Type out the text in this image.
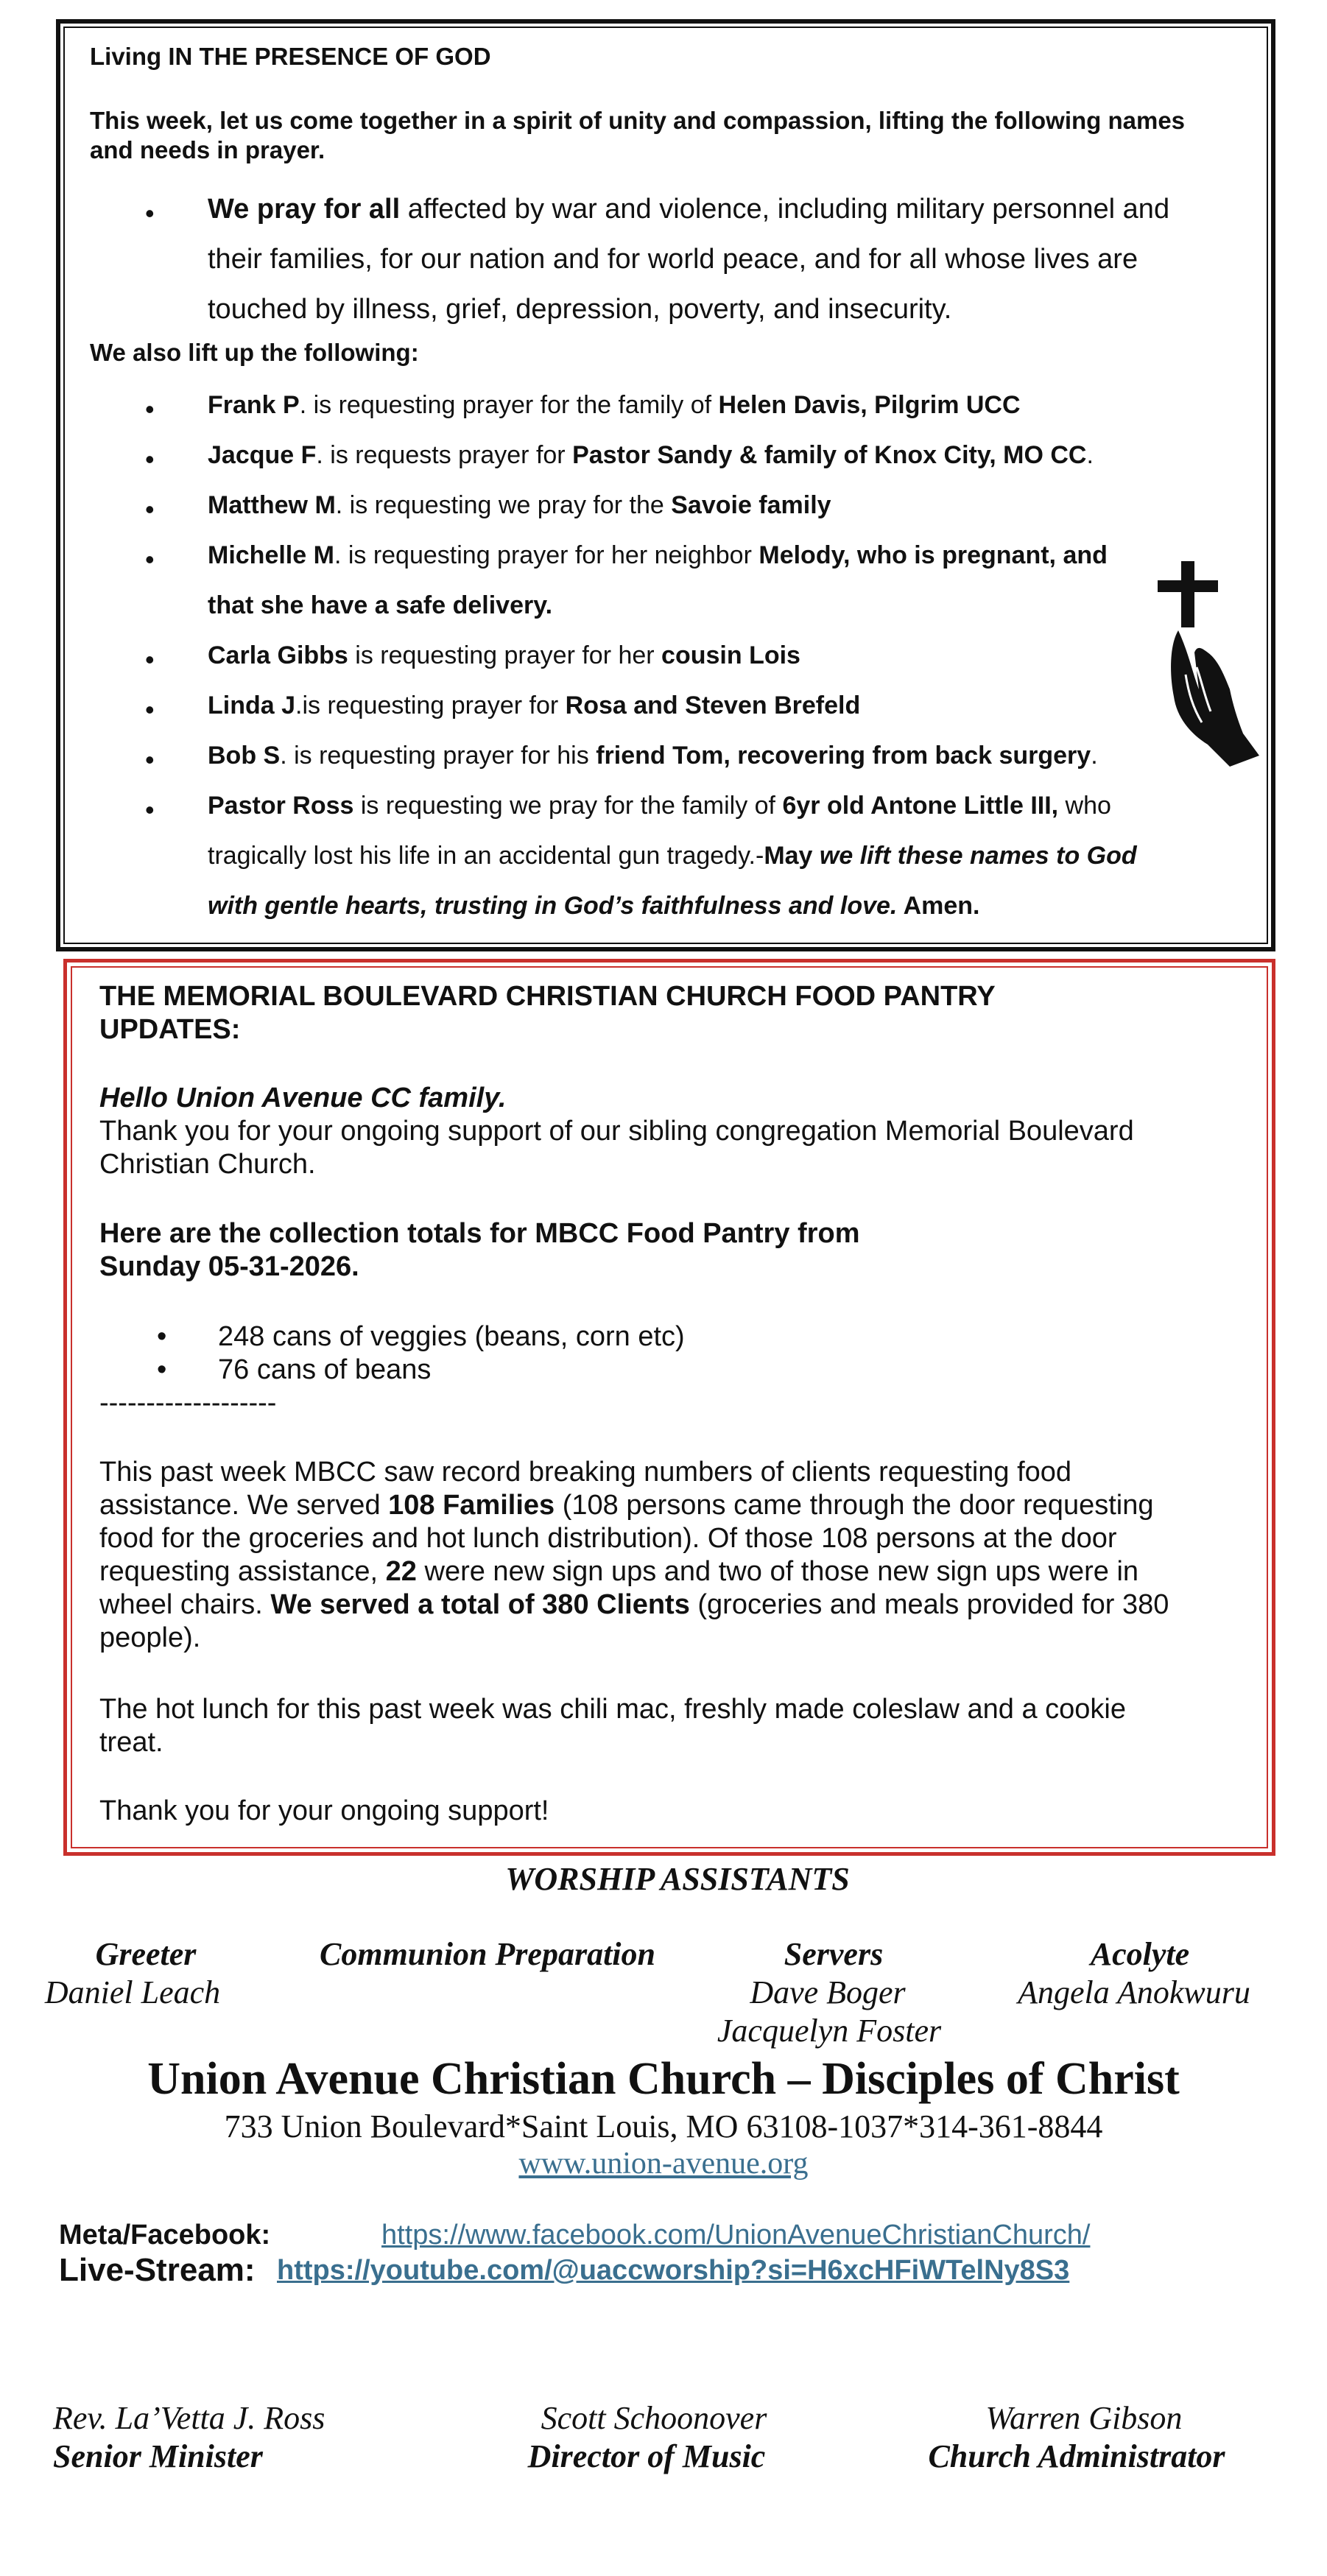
Living IN THE PRESENCE OF GOD
This week, let us come together in a spirit of unity and compassion, lifting the following names and needs in prayer.
• We pray for all affected by war and violence, including military personnel and
their families, for our nation and for world peace, and for all whose lives are
touched by illness, grief, depression, poverty, and insecurity.
We also lift up the following:
• Frank P. is requesting prayer for the family of Helen Davis, Pilgrim UCC
• Jacque F. is requests prayer for Pastor Sandy & family of Knox City, MO CC.
• Matthew M. is requesting we pray for the Savoie family
• Michelle M. is requesting prayer for her neighbor Melody, who is pregnant, and
that she have a safe delivery.
• Carla Gibbs is requesting prayer for her cousin Lois
• Linda J.is requesting prayer for Rosa and Steven Brefeld
• Bob S. is requesting prayer for his friend Tom, recovering from back surgery.
• Pastor Ross is requesting we pray for the family of 6yr old Antone Little III, who
tragically lost his life in an accidental gun tragedy.-May we lift these names to God
with gentle hearts, trusting in God’s faithfulness and love. Amen.
THE MEMORIAL BOULEVARD CHRISTIAN CHURCH FOOD PANTRY
UPDATES:
Hello Union Avenue CC family.
Thank you for your ongoing support of our sibling congregation Memorial Boulevard
Christian Church.
Here are the collection totals for MBCC Food Pantry from
Sunday 05-31-2026.
• 248 cans of veggies (beans, corn etc)
• 76 cans of beans
-------------------
This past week MBCC saw record breaking numbers of clients requesting food
assistance. We served 108 Families (108 persons came through the door requesting
food for the groceries and hot lunch distribution). Of those 108 persons at the door
requesting assistance, 22 were new sign ups and two of those new sign ups were in
wheel chairs. We served a total of 380 Clients (groceries and meals provided for 380
people).
The hot lunch for this past week was chili mac, freshly made coleslaw and a cookie
treat.
Thank you for your ongoing support!
WORSHIP ASSISTANTS
Greeter
Daniel Leach
Communion Preparation	Servers
Dave Boger
Jacquelyn Foster
Acolyte
Angela Anokwuru
Union Avenue Christian Church – Disciples of Christ
733 Union Boulevard*Saint Louis, MO 63108-1037*314-361-8844
www.union-avenue.org
Meta/Facebook:	https://www.facebook.com/UnionAvenueChristianChurch/
Live-Stream: https://youtube.com/@uaccworship?si=H6xcHFiWTelNy8S3
Rev. La’Vetta J. Ross
Senior Minister
Scott Schoonover
Director of Music
Warren Gibson
Church Administrator
